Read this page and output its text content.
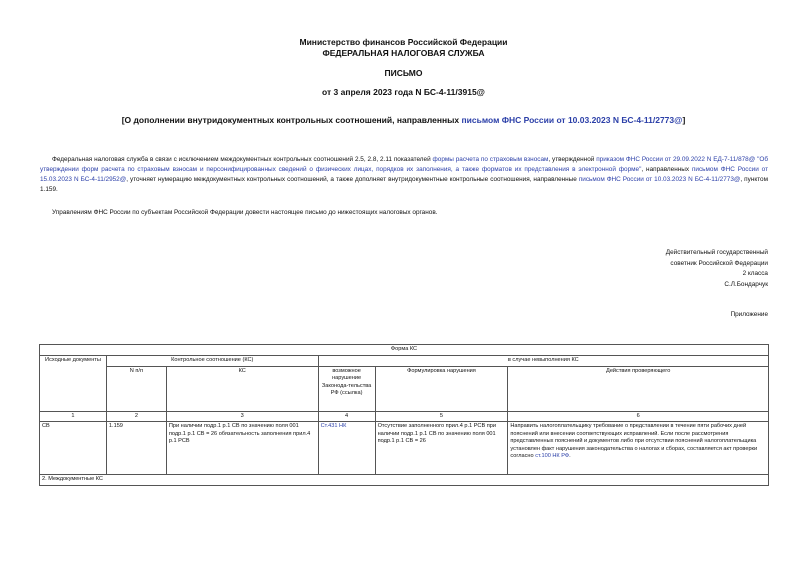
Министерство финансов Российской Федерации
ФЕДЕРАЛЬНАЯ НАЛОГОВАЯ СЛУЖБА
ПИСЬМО
от 3 апреля 2023 года N БС-4-11/3915@
[О дополнении внутридокументных контрольных соотношений, направленных письмом ФНС России от 10.03.2023 N БС-4-11/2773@]
Федеральная налоговая служба в связи с исключением междокументных контрольных соотношений 2.5, 2.8, 2.11 показателей формы расчета по страховым взносам, утвержденной приказом ФНС России от 29.09.2022 N ЕД-7-11/878@ "Об утверждении форм расчета по страховым взносам и персонифицированных сведений о физических лицах, порядков их заполнения, а также форматов их представления в электронной форме", направленных письмом ФНС России от 15.03.2023 N БС-4-11/2952@, уточняет нумерацию междокументных контрольных соотношений, а также дополняет внутридокументные контрольные соотношения, направленные письмом ФНС России от 10.03.2023 N БС-4-11/2773@, пунктом 1.159.
Управлениям ФНС России по субъектам Российской Федерации довести настоящее письмо до нижестоящих налоговых органов.
Действительный государственный
советник Российской Федерации
2 класса
С.Л.Бондарчук
Приложение
Форма КС					
Исходные документы	Контрольное соотношение (КС)		в случае невыполнения КС		
	N п/п	КС	возможное нарушение Законода-тельства РФ (ссылка)	Формулировка нарушения	Действия проверяющего
1	2	3	4	5	6
СВ	1.159	При наличии подр.1 р.1 СВ по значению поля 001 подр.1 р.1 СВ = 26 обязательность заполнения прил.4 р.1 РСВ	Ст.431 НК	Отсутствие заполненного прил.4 р.1 РСВ при наличии подр.1 р.1 СВ по значению поля 001 подр.1 р.1 СВ = 26	Направить налогоплательщику требование о представлении в течение пяти рабочих дней пояснений или внесении соответствующих исправлений. Если после рассмотрения представленных пояснений и документов либо при отсутствии пояснений налогоплательщика установлен факт нарушения законодательства о налогах и сборах, составляется акт проверки согласно ст.100 НК РФ.
2. Междокументные КС					
